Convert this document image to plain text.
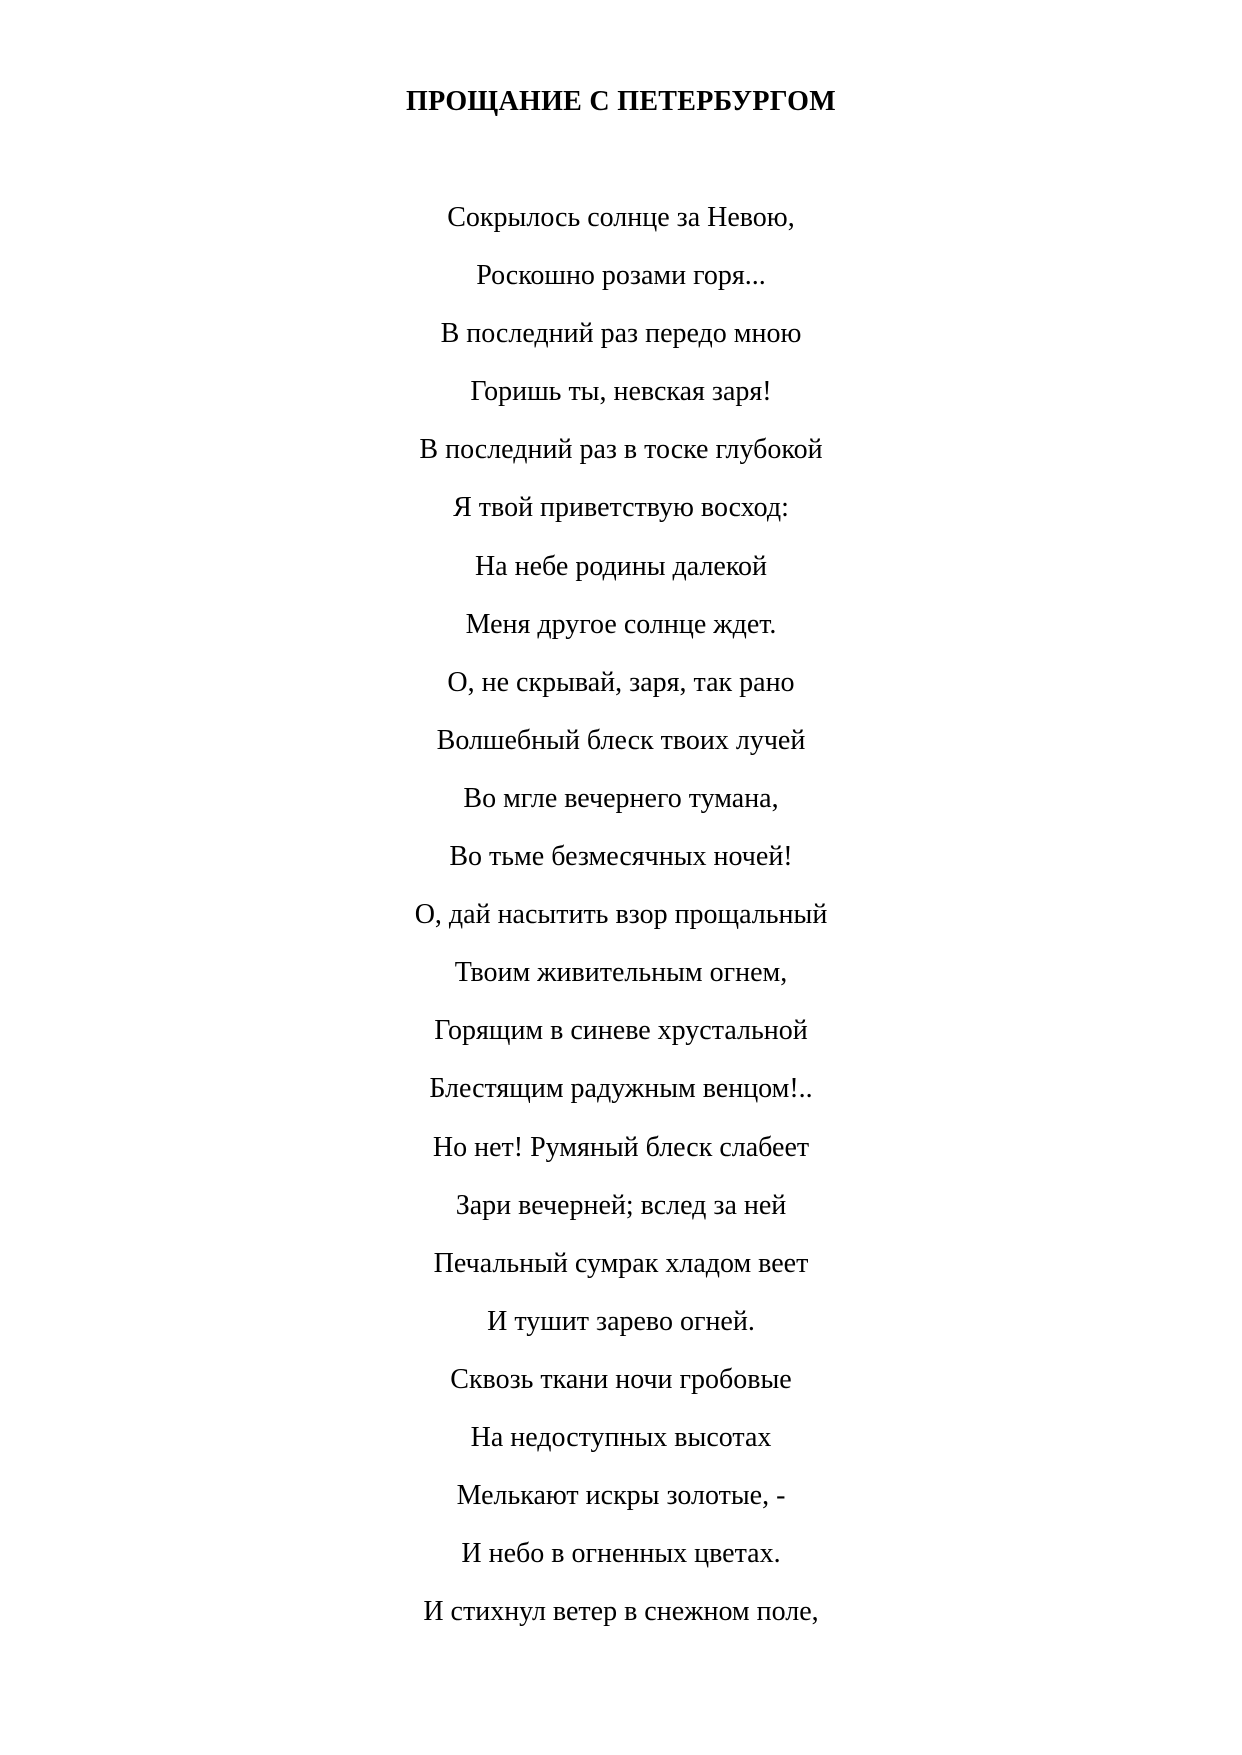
ПРОЩАНИЕ С ПЕТЕРБУРГОМ
Сокрылось солнце за Невою,
Роскошно розами горя...
В последний раз передо мною
Горишь ты, невская заря!
В последний раз в тоске глубокой
Я твой приветствую восход:
На небе родины далекой
Меня другое солнце ждет.
О, не скрывай, заря, так рано
Волшебный блеск твоих лучей
Во мгле вечернего тумана,
Во тьме безмесячных ночей!
О, дай насытить взор прощальный
Твоим живительным огнем,
Горящим в синеве хрустальной
Блестящим радужным венцом!..
Но нет! Румяный блеск слабеет
Зари вечерней; вслед за ней
Печальный сумрак хладом веет
И тушит зарево огней.
Сквозь ткани ночи гробовые
На недоступных высотах
Мелькают искры золотые, -
И небо в огненных цветах.
И стихнул ветер в снежном поле,
